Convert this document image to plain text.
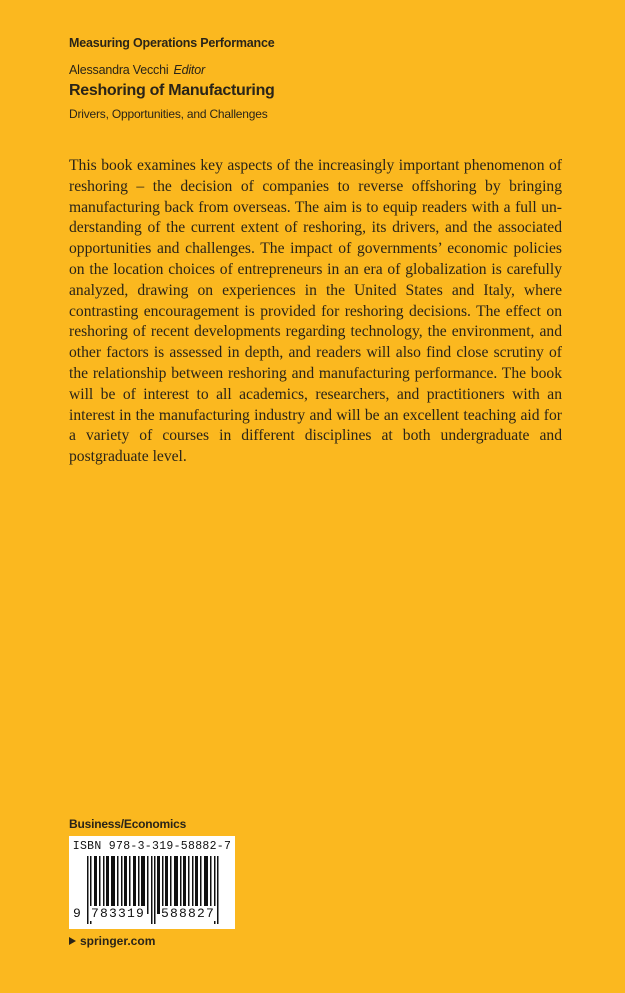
Measuring Operations Performance
Alessandra Vecchi Editor
Reshoring of Manufacturing
Drivers, Opportunities, and Challenges
This book examines key aspects of the increasingly important phenomenon of reshoring – the decision of companies to reverse offshoring by bringing manufacturing back from overseas. The aim is to equip readers with a full understanding of the current extent of reshoring, its drivers, and the associated opportunities and challenges. The impact of governments’ economic policies on the location choices of entrepreneurs in an era of globalization is carefully analyzed, drawing on experiences in the United States and Italy, where contrasting encouragement is provided for reshoring decisions. The effect on reshoring of recent developments regarding technology, the environment, and other factors is assessed in depth, and readers will also find close scrutiny of the relationship between reshoring and manufacturing performance. The book will be of interest to all academics, researchers, and practitioners with an interest in the manufacturing industry and will be an excellent teaching aid for a variety of courses in different disciplines at both undergraduate and postgraduate level.
Business/Economics
ISBN 978-3-319-58882-7
9 783319 588827
springer.com
